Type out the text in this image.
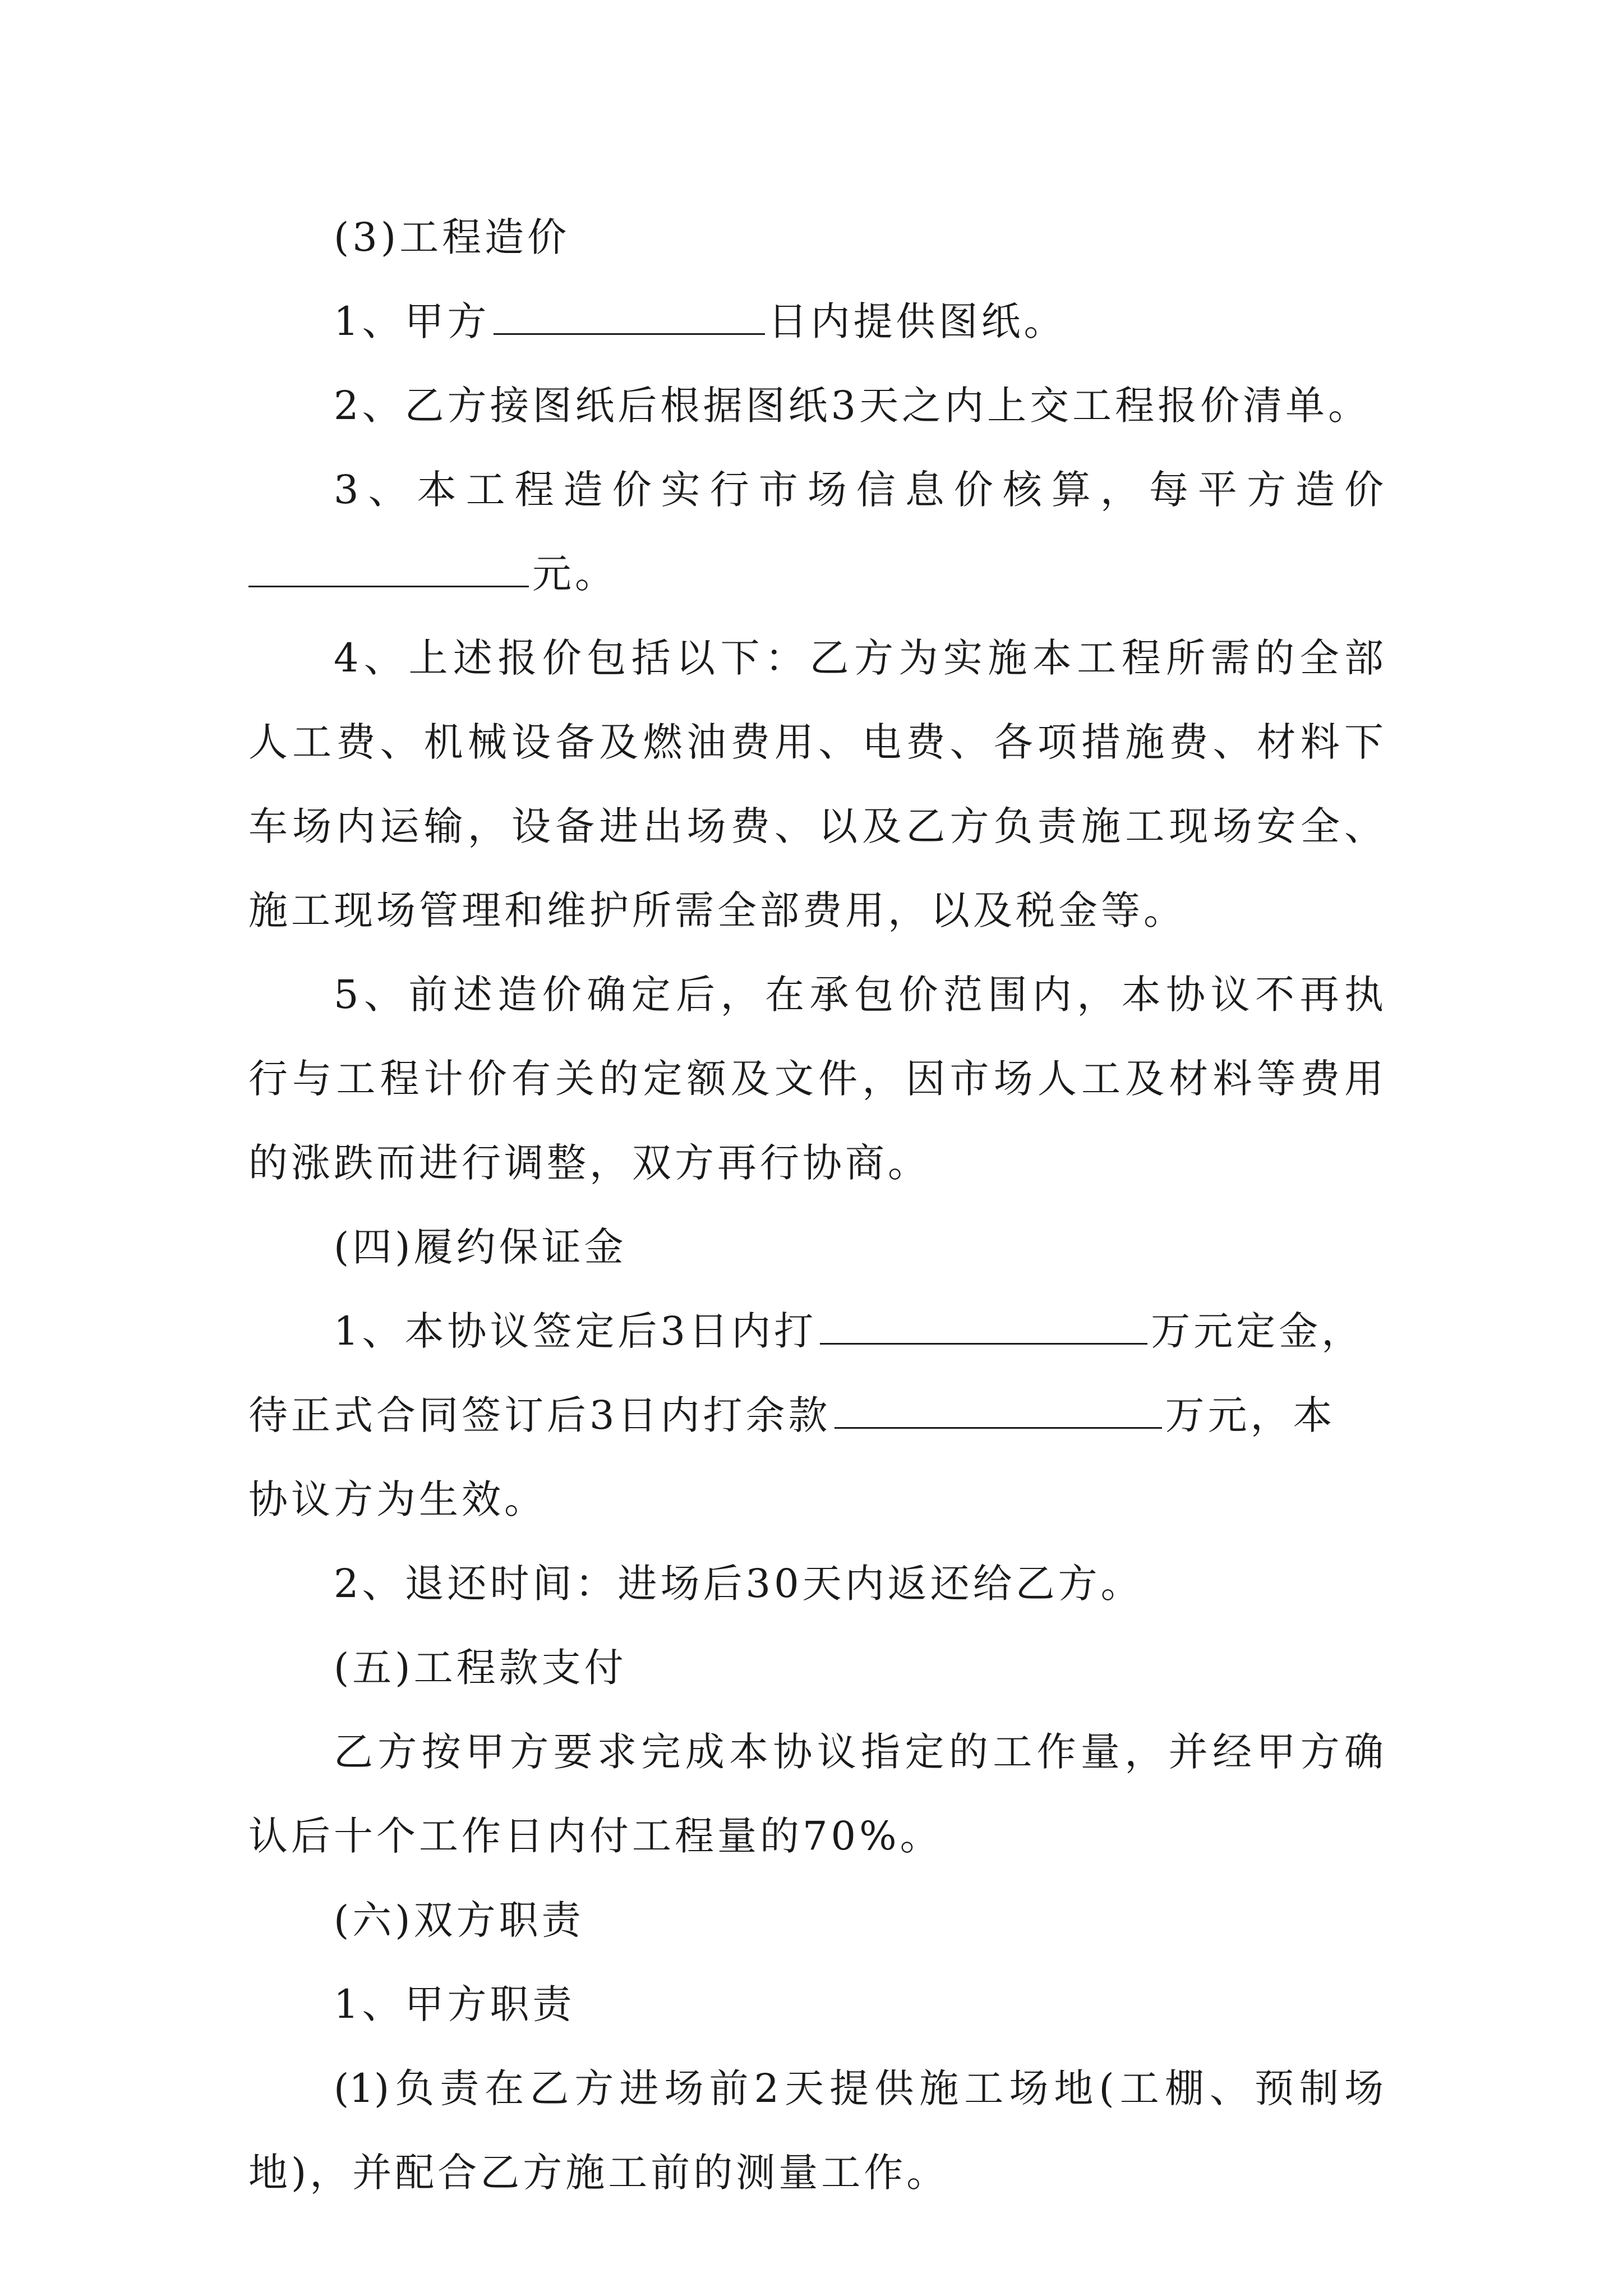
(3)工程造价
1、甲方	日内提供图纸。
2、乙方接图纸后根据图纸3天之内上交工程报价清单。
3、本工程造价实行市场信息价核算，每平方造价
元。
4、上述报价包括以下：乙方为实施本工程所需的全部
人工费、机械设备及燃油费用、电费、各项措施费、材料下
车场内运输，设备进出场费、以及乙方负责施工现场安全、
施工现场管理和维护所需全部费用，以及税金等。
5、前述造价确定后，在承包价范围内，本协议不再执
行与工程计价有关的定额及文件，因市场人工及材料等费用
的涨跌而进行调整，双方再行协商。
(四)履约保证金
1、本协议签定后3日内打	万元定金，
待正式合同签订后3日内打余款	万元，本
协议方为生效。
2、退还时间：进场后30天内返还给乙方。
(五)工程款支付
乙方按甲方要求完成本协议指定的工作量，并经甲方确
认后十个工作日内付工程量的70%。
(六)双方职责
1、甲方职责
(1)负责在乙方进场前2天提供施工场地(工棚、预制场
地)，并配合乙方施工前的测量工作。
